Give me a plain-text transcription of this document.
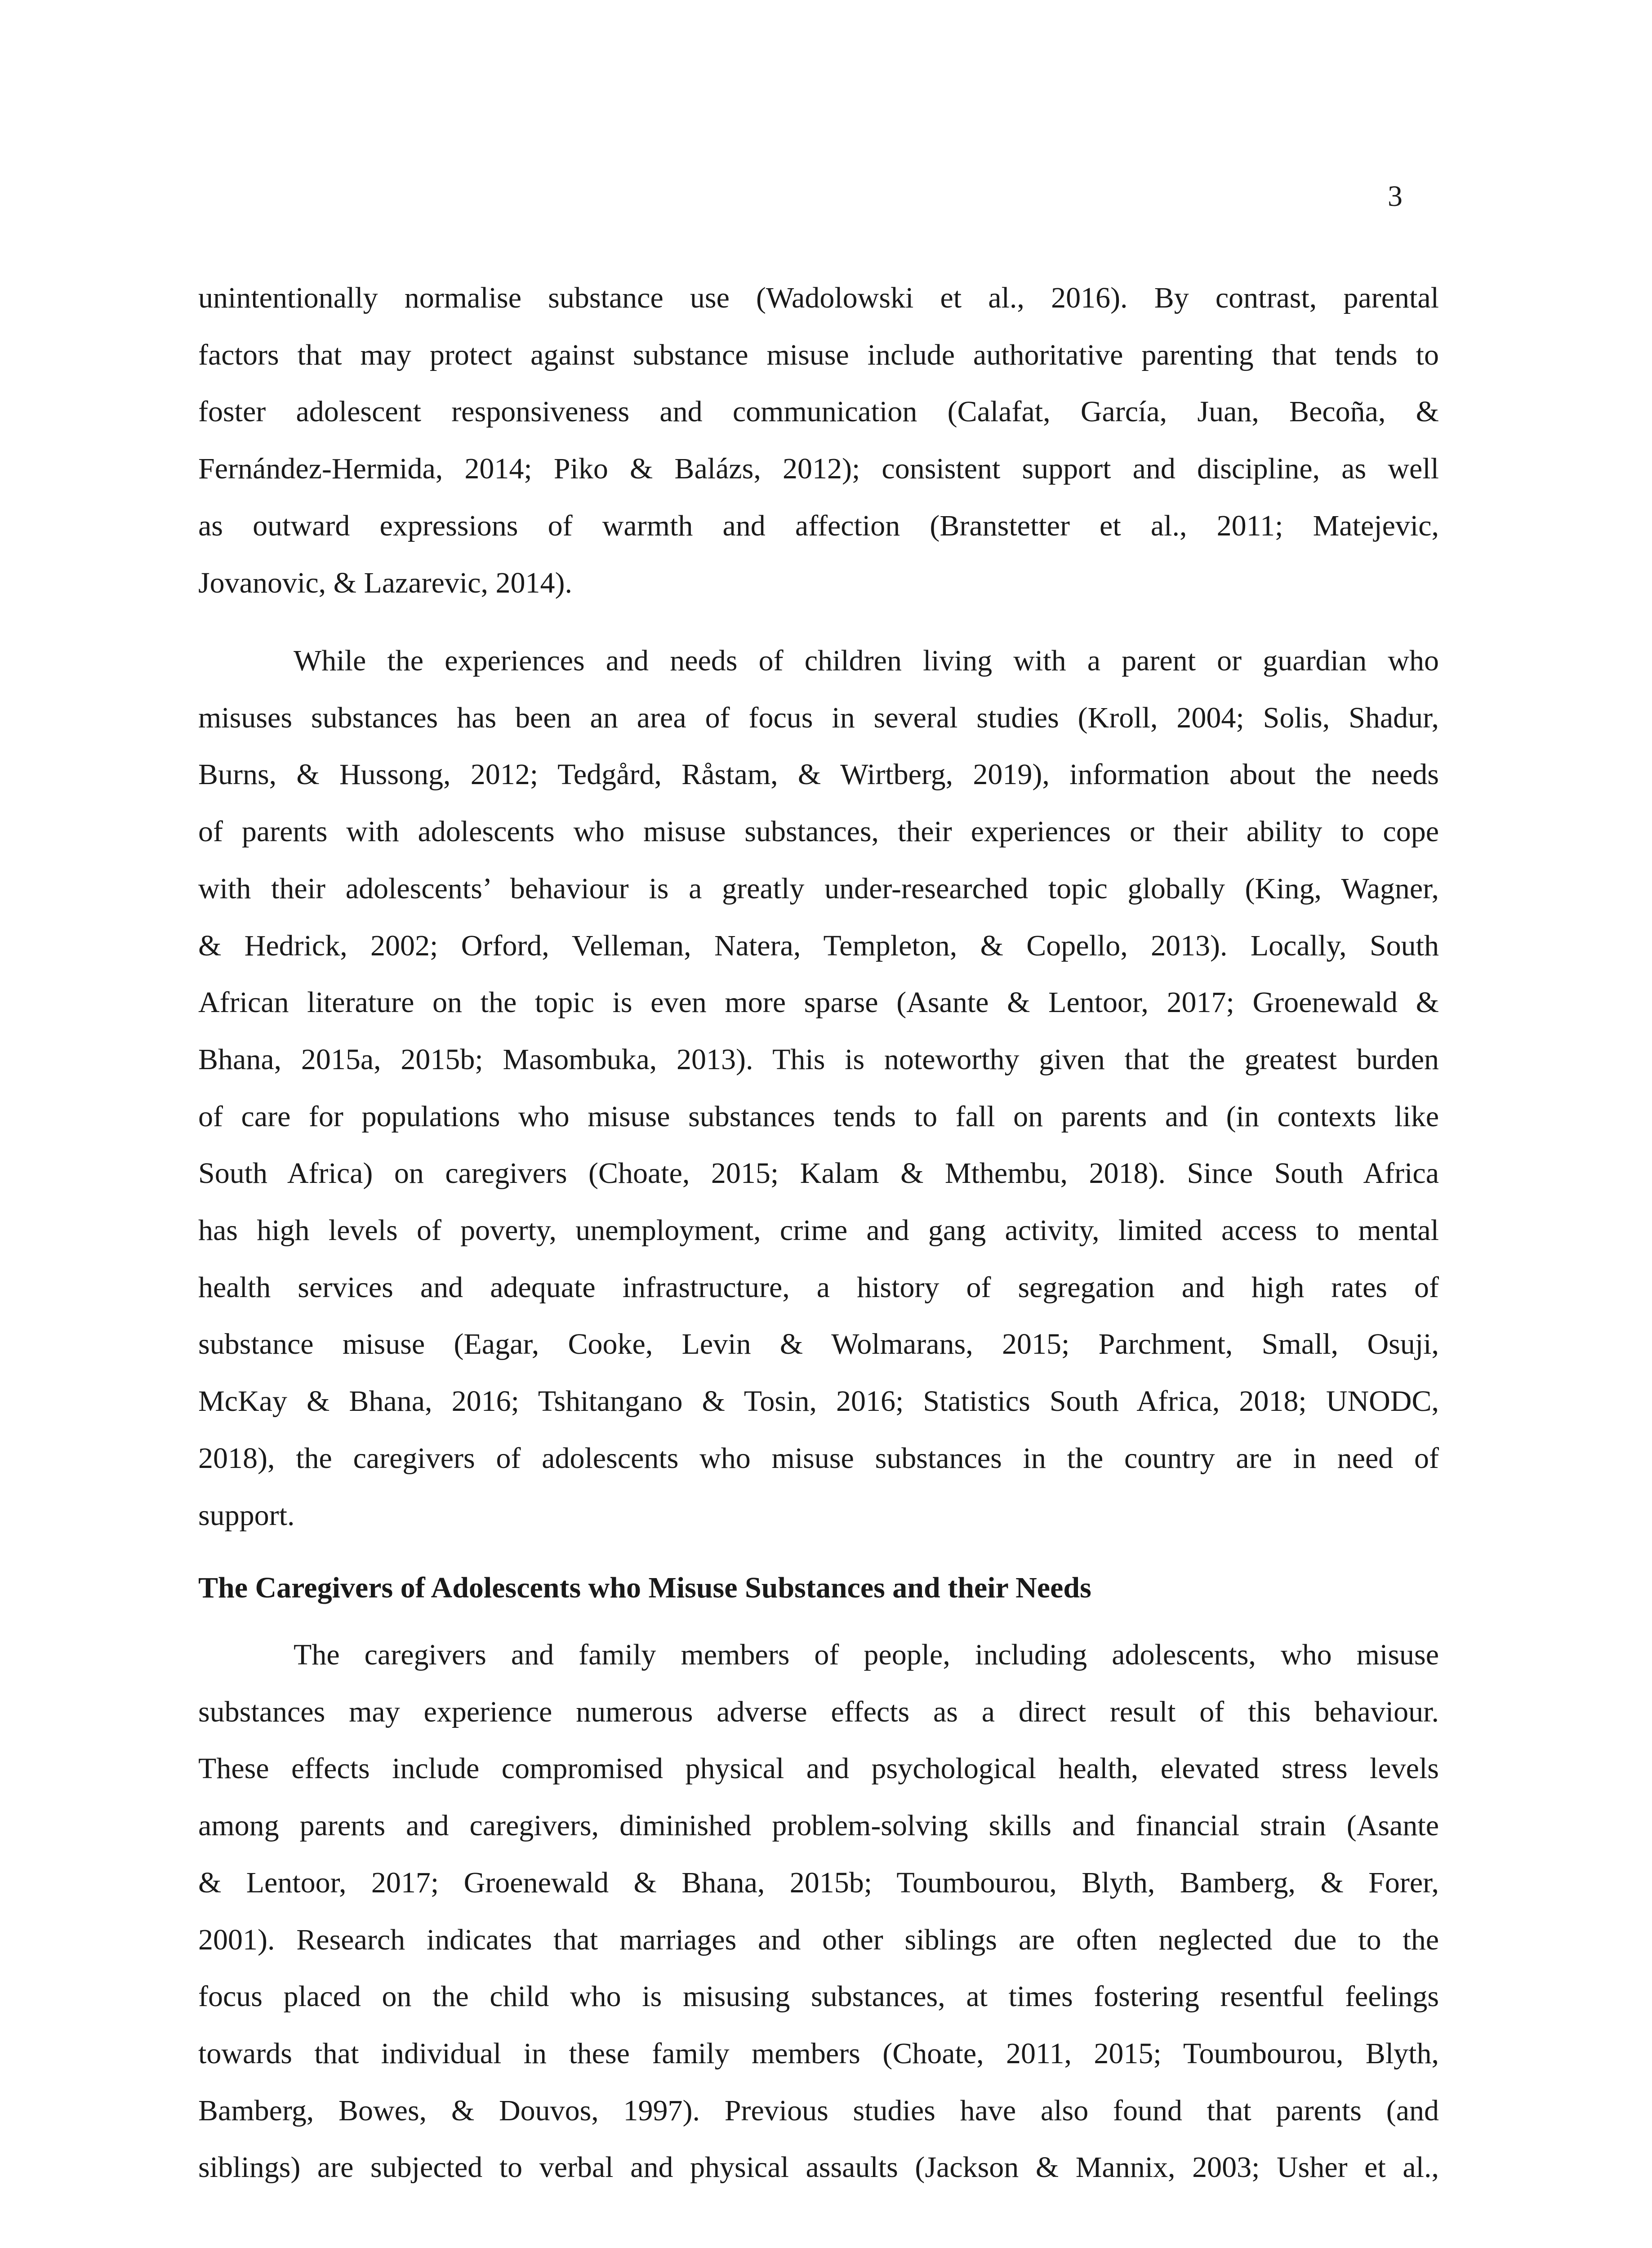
3
unintentionally normalise substance use (Wadolowski et al., 2016). By contrast, parental
factors that may protect against substance misuse include authoritative parenting that tends to
foster adolescent responsiveness and communication (Calafat, García, Juan, Becoña, &
Fernández-Hermida, 2014; Piko & Balázs, 2012); consistent support and discipline, as well
as outward expressions of warmth and affection (Branstetter et al., 2011; Matejevic,
Jovanovic, & Lazarevic, 2014).
While the experiences and needs of children living with a parent or guardian who
misuses substances has been an area of focus in several studies (Kroll, 2004; Solis, Shadur,
Burns, & Hussong, 2012; Tedgård, Råstam, & Wirtberg, 2019), information about the needs
of parents with adolescents who misuse substances, their experiences or their ability to cope
with their adolescents’ behaviour is a greatly under-researched topic globally (King, Wagner,
& Hedrick, 2002; Orford, Velleman, Natera, Templeton, & Copello, 2013). Locally, South
African literature on the topic is even more sparse (Asante & Lentoor, 2017; Groenewald &
Bhana, 2015a, 2015b; Masombuka, 2013). This is noteworthy given that the greatest burden
of care for populations who misuse substances tends to fall on parents and (in contexts like
South Africa) on caregivers (Choate, 2015; Kalam & Mthembu, 2018). Since South Africa
has high levels of poverty, unemployment, crime and gang activity, limited access to mental
health services and adequate infrastructure, a history of segregation and high rates of
substance misuse (Eagar, Cooke, Levin & Wolmarans, 2015; Parchment, Small, Osuji,
McKay & Bhana, 2016; Tshitangano & Tosin, 2016; Statistics South Africa, 2018; UNODC,
2018), the caregivers of adolescents who misuse substances in the country are in need of
support.
The Caregivers of Adolescents who Misuse Substances and their Needs
The caregivers and family members of people, including adolescents, who misuse
substances may experience numerous adverse effects as a direct result of this behaviour.
These effects include compromised physical and psychological health, elevated stress levels
among parents and caregivers, diminished problem-solving skills and financial strain (Asante
& Lentoor, 2017; Groenewald & Bhana, 2015b; Toumbourou, Blyth, Bamberg, & Forer,
2001). Research indicates that marriages and other siblings are often neglected due to the
focus placed on the child who is misusing substances, at times fostering resentful feelings
towards that individual in these family members (Choate, 2011, 2015; Toumbourou, Blyth,
Bamberg, Bowes, & Douvos, 1997). Previous studies have also found that parents (and
siblings) are subjected to verbal and physical assaults (Jackson & Mannix, 2003; Usher et al.,
